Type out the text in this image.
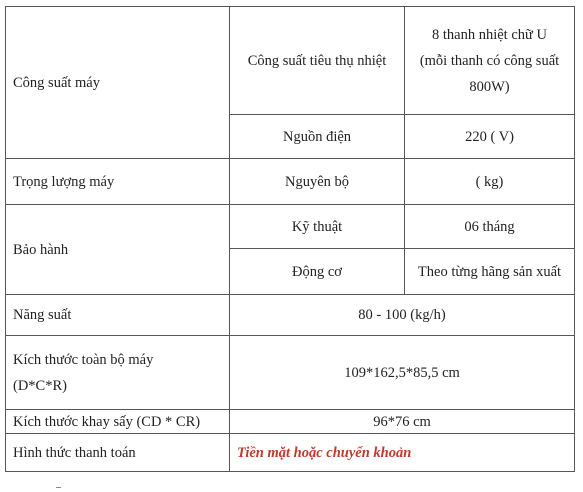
Công suất máy	Công suất tiêu thụ nhiệt	8 thanh nhiệt chữ U
(mỗi thanh có công suất
800W)

	Nguồn điện	220 ( V)
Trọng lượng máy	Nguyên bộ	( kg)
Bảo hành	Kỹ thuật	06 tháng
	Động cơ	Theo từng hãng sản xuất
Năng suất	80 - 100 (kg/h)	

Kích thước toàn bộ máy
(D*C*R)	109*162,5*85,5 cm	
Kích thước khay sấy (CD * CR)	96*76 cm	
Hình thức thanh toán	Tiền mặt hoặc chuyển khoản	
